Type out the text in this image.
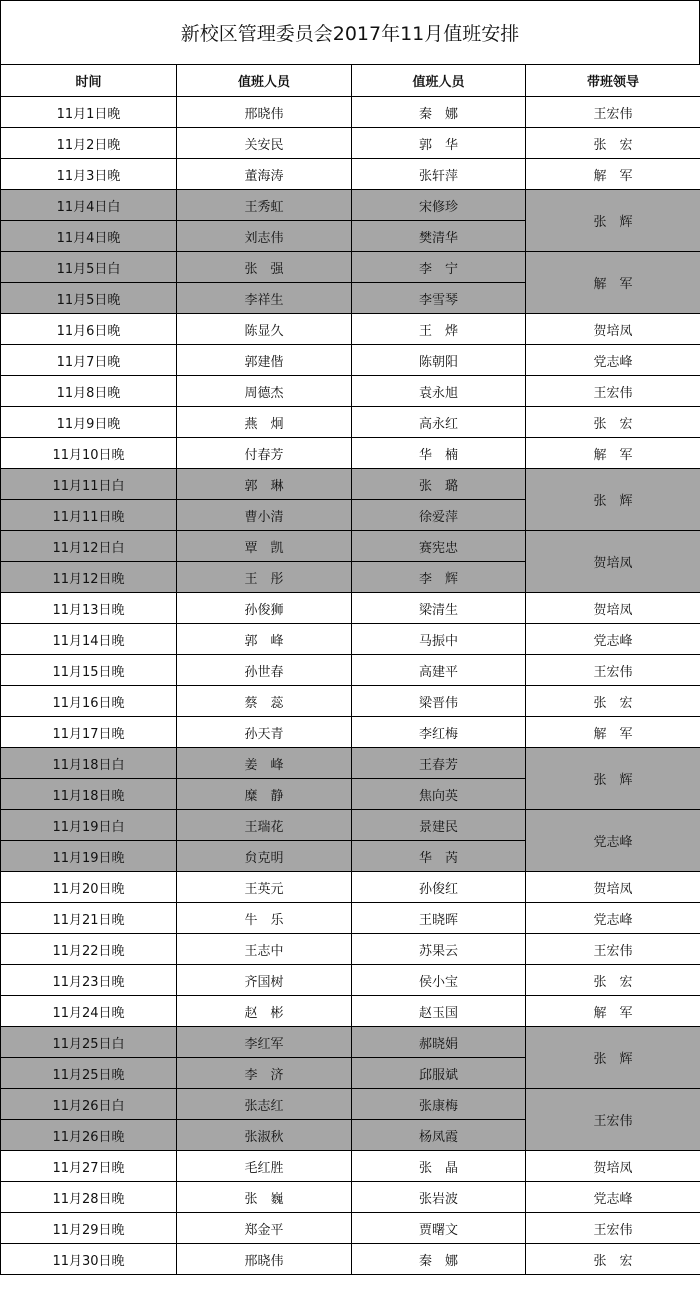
新校区管理委员会2017年11月值班安排
时间	值班人员	值班人员	带班领导
11月1日晚	邢晓伟	秦　娜	王宏伟
11月2日晚	关安民	郭　华	张　宏
11月3日晚	董海涛	张轩萍	解　军
11月4日白	王秀虹	宋修珍	张　辉
11月4日晚	刘志伟	樊清华	
11月5日白	张　强	李　宁	解　军
11月5日晚	李祥生	李雪琴	
11月6日晚	陈显久	王　烨	贺培凤
11月7日晚	郭建偕	陈朝阳	党志峰
11月8日晚	周德杰	袁永旭	王宏伟
11月9日晚	燕　炯	高永红	张　宏
11月10日晚	付春芳	华　楠	解　军
11月11日白	郭　琳	张　璐	张　辉
11月11日晚	曹小清	徐爱萍	
11月12日白	覃　凯	赛宪忠	贺培凤
11月12日晚	王　彤	李　辉	
11月13日晚	孙俊狮	梁清生	贺培凤
11月14日晚	郭　峰	马振中	党志峰
11月15日晚	孙世春	高建平	王宏伟
11月16日晚	蔡　蕊	梁晋伟	张　宏
11月17日晚	孙天青	李红梅	解　军
11月18日白	姜　峰	王春芳	张　辉
11月18日晚	糜　静	焦向英	
11月19日白	王瑞花	景建民	党志峰
11月19日晚	贠克明	华　芮	
11月20日晚	王英元	孙俊红	贺培凤
11月21日晚	牛　乐	王晓晖	党志峰
11月22日晚	王志中	苏果云	王宏伟
11月23日晚	齐国树	侯小宝	张　宏
11月24日晚	赵　彬	赵玉国	解　军
11月25日白	李红军	郝晓娟	张　辉
11月25日晚	李　济	邱服斌	
11月26日白	张志红	张康梅	王宏伟
11月26日晚	张淑秋	杨凤霞	
11月27日晚	毛红胜	张　晶	贺培凤
11月28日晚	张　巍	张岩波	党志峰
11月29日晚	郑金平	贾曙文	王宏伟
11月30日晚	邢晓伟	秦　娜	张　宏
